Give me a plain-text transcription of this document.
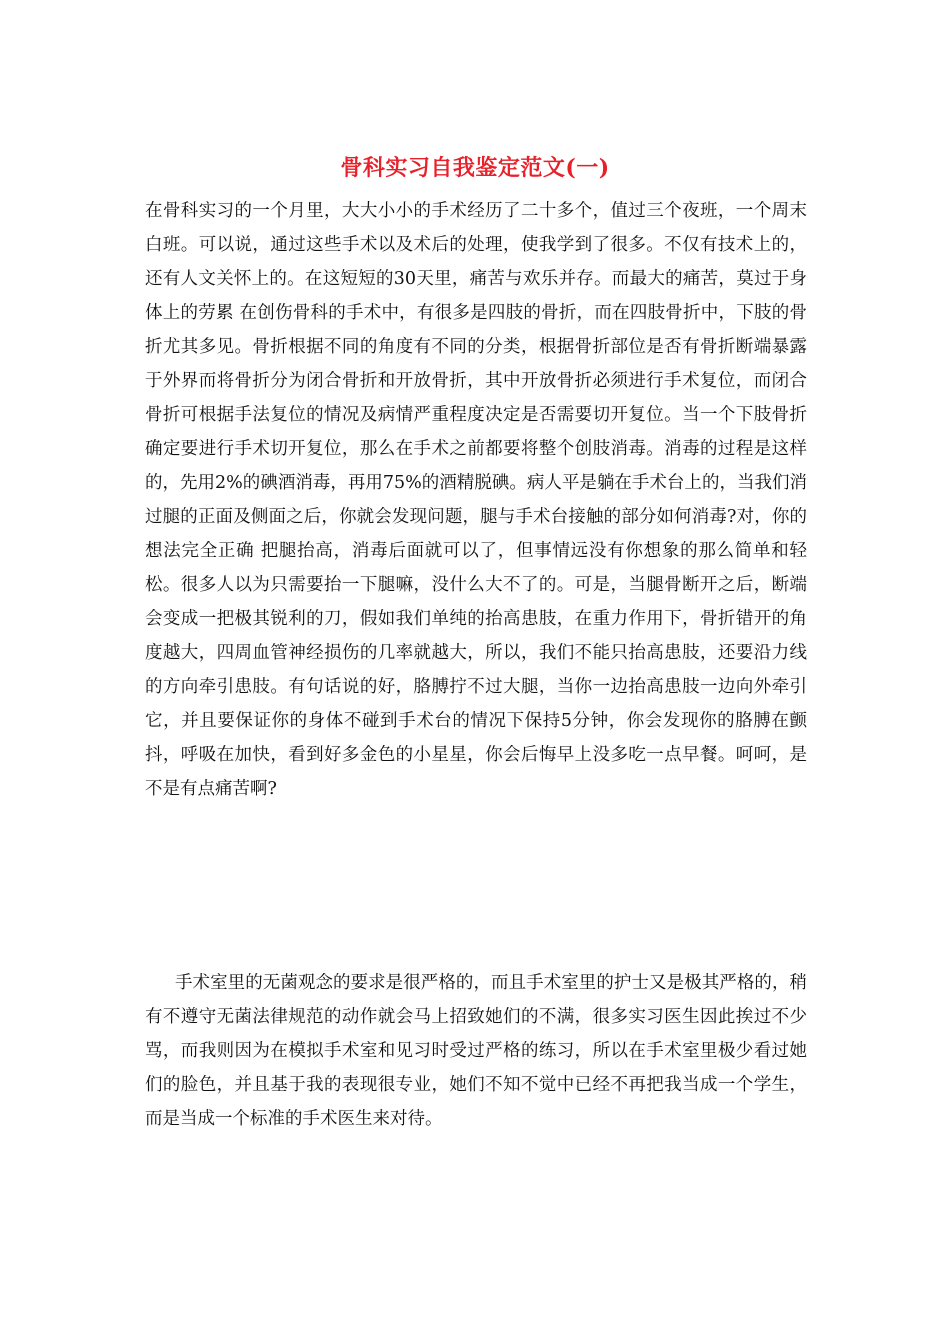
骨科实习自我鉴定范文(一)

在骨科实习的一个月里，大大小小的手术经历了二十多个，值过三个夜班，一个周末白班。可以说，通过这些手术以及术后的处理，使我学到了很多。不仅有技术上的，还有人文关怀上的。在这短短的30天里，痛苦与欢乐并存。而最大的痛苦，莫过于身体上的劳累 在创伤骨科的手术中，有很多是四肢的骨折，而在四肢骨折中，下肢的骨折尤其多见。骨折根据不同的角度有不同的分类，根据骨折部位是否有骨折断端暴露于外界而将骨折分为闭合骨折和开放骨折，其中开放骨折必须进行手术复位，而闭合骨折可根据手法复位的情况及病情严重程度决定是否需要切开复位。当一个下肢骨折确定要进行手术切开复位，那么在手术之前都要将整个创肢消毒。消毒的过程是这样的，先用2%的碘酒消毒，再用75%的酒精脱碘。病人平是躺在手术台上的，当我们消过腿的正面及侧面之后，你就会发现问题，腿与手术台接触的部分如何消毒?对，你的想法完全正确 把腿抬高，消毒后面就可以了，但事情远没有你想象的那么简单和轻松。很多人以为只需要抬一下腿嘛，没什么大不了的。可是，当腿骨断开之后，断端会变成一把极其锐利的刀，假如我们单纯的抬高患肢，在重力作用下，骨折错开的角度越大，四周血管神经损伤的几率就越大，所以，我们不能只抬高患肢，还要沿力线的方向牵引患肢。有句话说的好，胳膊拧不过大腿，当你一边抬高患肢一边向外牵引它，并且要保证你的身体不碰到手术台的情况下保持5分钟，你会发现你的胳膊在颤抖，呼吸在加快，看到好多金色的小星星，你会后悔早上没多吃一点早餐。呵呵，是不是有点痛苦啊?

手术室里的无菌观念的要求是很严格的，而且手术室里的护士又是极其严格的，稍有不遵守无菌法律规范的动作就会马上招致她们的不满，很多实习医生因此挨过不少骂，而我则因为在模拟手术室和见习时受过严格的练习，所以在手术室里极少看过她们的脸色，并且基于我的表现很专业，她们不知不觉中已经不再把我当成一个学生，而是当成一个标准的手术医生来对待。
